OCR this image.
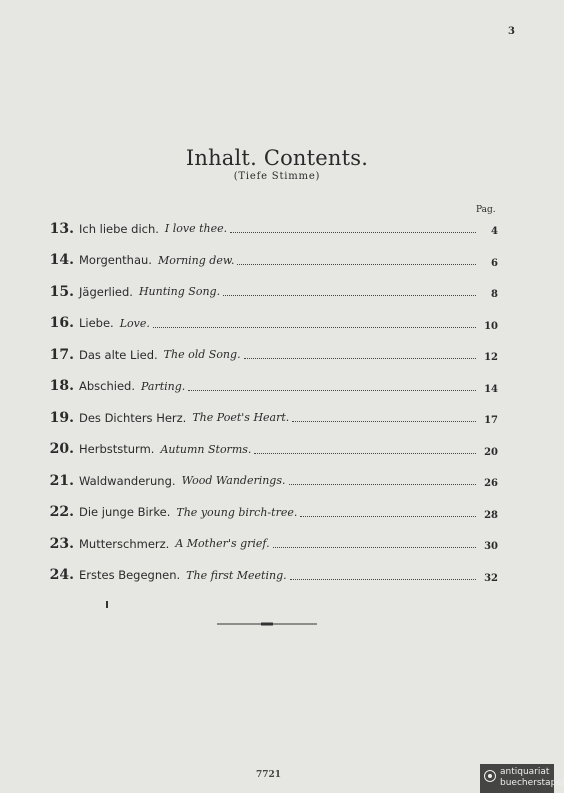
3
Inhalt. Contents.
(Tiefe Stimme)
Pag.
13. Ich liebe dich. I love thee.	4
14. Morgenthau. Morning dew.	6
15. Jägerlied. Hunting Song.	8
16. Liebe. Love.	10
17. Das alte Lied. The old Song.	12
18. Abschied. Parting.	14
19. Des Dichters Herz. The Poet's Heart.	17
20. Herbststurm. Autumn Storms.	20
21. Waldwanderung. Wood Wanderings.	26
22. Die junge Birke. The young birch-tree.	28
23. Mutterschmerz. A Mother's grief.	30
24. Erstes Begegnen. The first Meeting.	32
7721	antiquariat
buecherstapel
